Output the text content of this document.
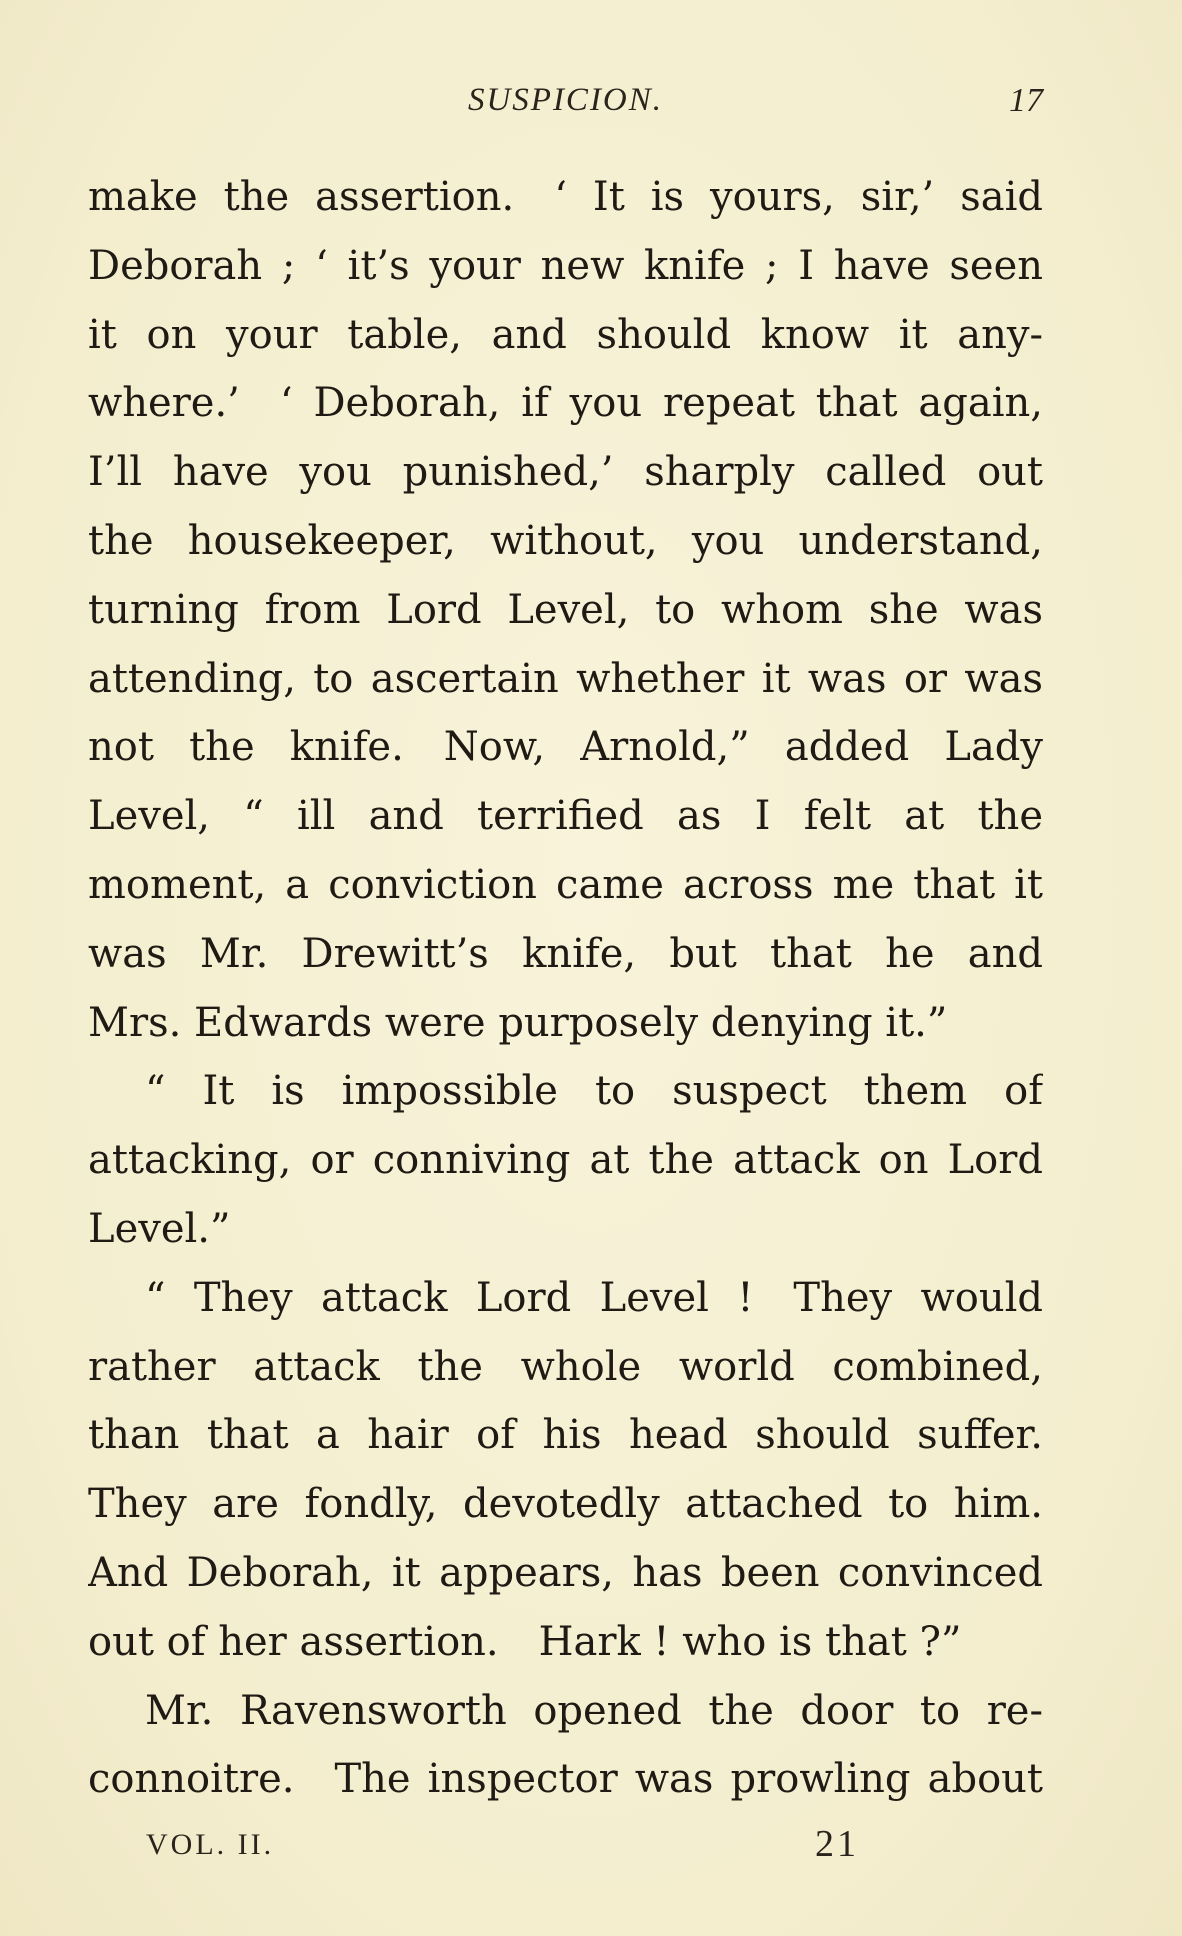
SUSPICION.	17
make the assertion. ‘ It is yours, sir,’ said
Deborah ; ‘ it’s your new knife ; I have seen
it on your table, and should know it any-
where.’ ‘ Deborah, if you repeat that again,
I’ll have you punished,’ sharply called out
the housekeeper, without, you understand,
turning from Lord Level, to whom she was
attending, to ascertain whether it was or was
not the knife. Now, Arnold,” added Lady
Level, “ ill and terrified as I felt at the
moment, a conviction came across me that it
was Mr. Drewitt’s knife, but that he and
Mrs. Edwards were purposely denying it.”
“ It is impossible to suspect them of
attacking, or conniving at the attack on Lord
Level.”
“ They attack Lord Level ! They would
rather attack the whole world combined,
than that a hair of his head should suffer.
They are fondly, devotedly attached to him.
And Deborah, it appears, has been convinced
out of her assertion. Hark ! who is that ?”
Mr. Ravensworth opened the door to re-
connoitre. The inspector was prowling about
VOL. II.	21
